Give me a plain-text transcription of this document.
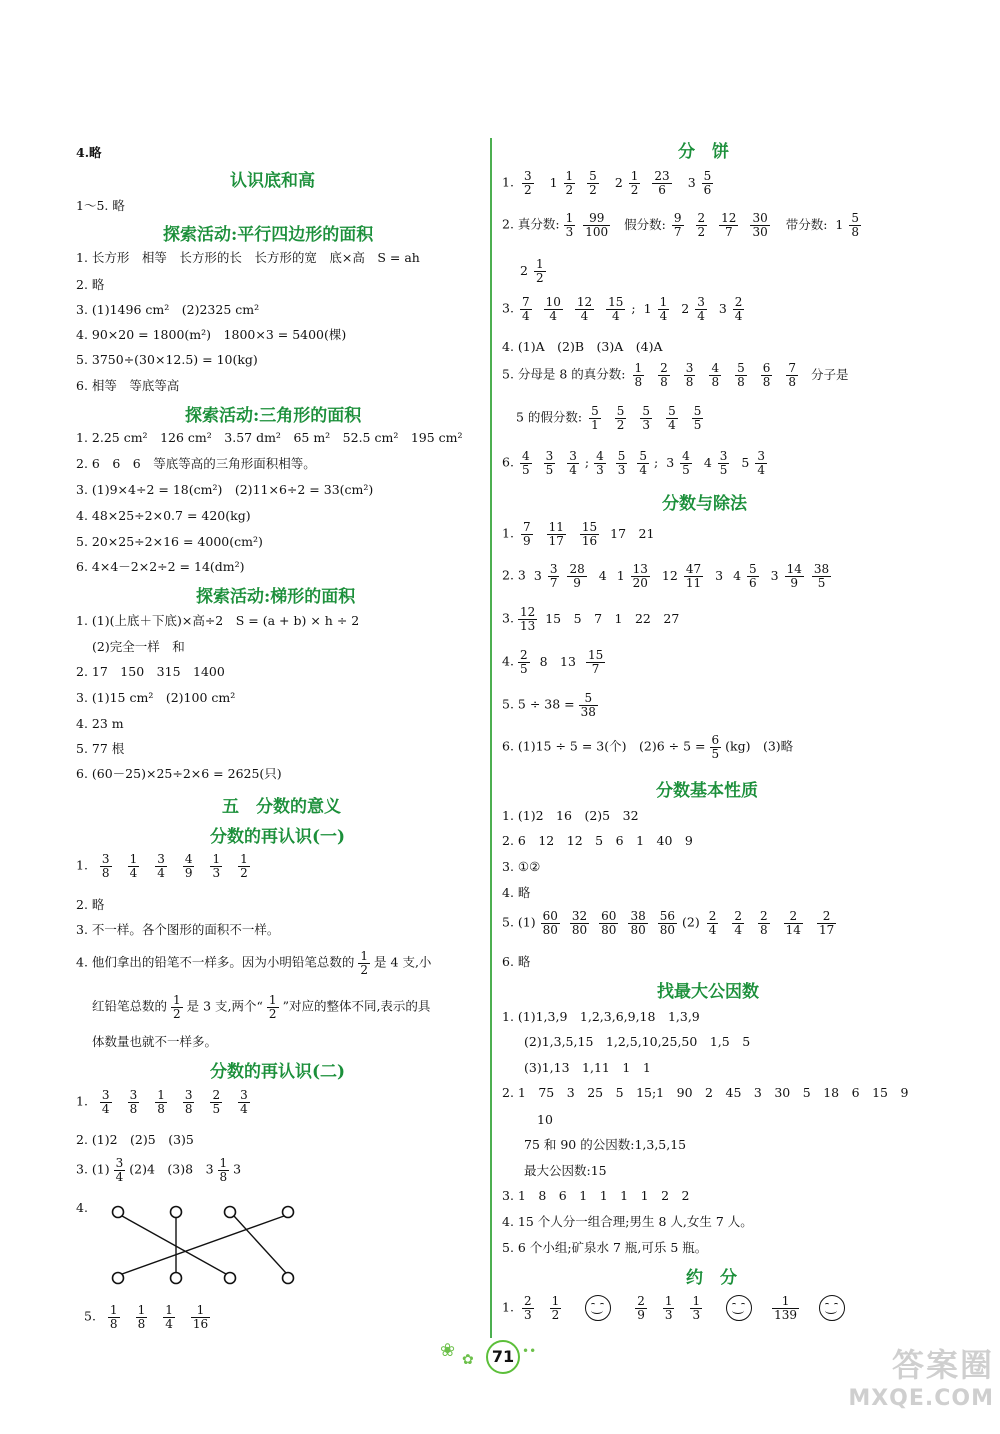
4.略
认识底和高
1～5. 略
探索活动:平行四边形的面积
1. 长方形　相等　长方形的长　长方形的宽　底×高　S = ah
2. 略
3. (1)1496 cm²　(2)2325 cm²
4. 90×20 = 1800(m²)　1800×3 = 5400(棵)
5. 3750÷(30×12.5) = 10(kg)
6. 相等　等底等高
探索活动:三角形的面积
1. 2.25 cm²　126 cm²　3.57 dm²　65 m²　52.5 cm²　195 cm²
2. 6　6　6　等底等高的三角形面积相等。
3. (1)9×4÷2 = 18(cm²)　(2)11×6÷2 = 33(cm²)
4. 48×25÷2×0.7 = 420(kg)
5. 20×25÷2×16 = 4000(cm²)
6. 4×4－2×2÷2 = 14(dm²)
探索活动:梯形的面积
1. (1)(上底＋下底)×高÷2　S = (a + b) × h ÷ 2
(2)完全一样　和
2. 17　150　315　1400
3. (1)15 cm²　(2)100 cm²
4. 23 m
5. 77 根
6. (60－25)×25÷2×6 = 2625(只)
五　分数的意义
分数的再认识(一)
1. $\frac{3}{8} \frac{1}{4} \frac{3}{4} \frac{4}{9} \frac{1}{3} \frac{1}{2}$
2. 略
3. 不一样。各个图形的面积不一样。
4. 他们拿出的铅笔不一样多。因为小明铅笔总数的 $\frac{1}{2}$ 是 4 支,小
红铅笔总数的 $\frac{1}{2}$ 是 3 支,两个“ $\frac{1}{2}$ ”对应的整体不同,表示的具
体数量也就不一样多。
分数的再认识(二)
1. $\frac{3}{4} \frac{3}{8} \frac{1}{8} \frac{3}{8} \frac{2}{5} \frac{3}{4}$
2. (1)2　(2)5　(3)5
3. $(1) \frac{3}{4} (2)4$　(3)8　$3 \frac{1}{8} 3$
4.
5. $\frac{1}{8} \frac{1}{8} \frac{1}{4} \frac{1}{16}$
分　饼
1. $\frac{3}{2} 1 \frac{1}{2} \frac{5}{2} 2 \frac{1}{2} \frac{23}{6} 3 \frac{5}{6}$
2. 真分数: $\frac{1}{3} \frac{99}{100}$ 假分数: $\frac{9}{7} \frac{2}{2} \frac{12}{7} \frac{30}{30}$ 带分数: $1 \frac{5}{8}$
$2 \frac{1}{2}$
3. $\frac{7}{4} \frac{10}{4} \frac{12}{4} \frac{15}{4}$ ; $1 \frac{1}{4} 2 \frac{3}{4} 3 \frac{2}{4}$
4. (1)A　(2)B　(3)A　(4)A
5. 分母是 8 的真分数: $\frac{1}{8} \frac{2}{8} \frac{3}{8} \frac{4}{8} \frac{5}{8} \frac{6}{8} \frac{7}{8}$ 分子是
5 的假分数: $\frac{5}{1} \frac{5}{2} \frac{5}{3} \frac{5}{4} \frac{5}{5}$
6. $\frac{4}{5} \frac{3}{5} \frac{3}{4}$ ; $\frac{4}{3} \frac{5}{3} \frac{5}{4}$ ; $3 \frac{4}{5} 4 \frac{3}{5} 5 \frac{3}{4}$
分数与除法
1. $\frac{7}{9} \frac{11}{17} \frac{15}{16} 17$　21
2. 3 $3 \frac{3}{7} \frac{28}{9} 4$ $1 \frac{13}{20} 12 \frac{47}{11} 3$ $4 \frac{5}{6} 3 \frac{14}{9} \frac{38}{5}$
3. $\frac{12}{13} 15$　5　7　1　22　27
4. $\frac{2}{5} 8$　$13 \frac{15}{7}$
5. $5 \div 38 = \frac{5}{38}$
6. (1)15 ÷ 5 = 3(个)　$(2)6 \div 5 = \frac{6}{5} (kg)$　(3)略
分数基本性质
1. (1)2　16　(2)5　32
2. 6　12　12　5　6　1　40　9
3. ①②
4. 略
5. $(1) \frac{60}{80} \frac{32}{80} \frac{60}{80} \frac{38}{80} \frac{56}{80} (2) \frac{2}{4} \frac{2}{4} \frac{2}{8} \frac{2}{14} \frac{2}{17}$
6. 略
找最大公因数
1. (1)1,3,9　1,2,3,6,9,18　1,3,9
(2)1,3,5,15　1,2,5,10,25,50　1,5　5
(3)1,13　1,11　1　1
2. 1　75　3　25　5　15;1　90　2　45　3　30　5　18　6　15　9
10
75 和 90 的公因数:1,3,5,15
最大公因数:15
3. 1　8　6　1　1　1　1　2　2
4. 15 个人分一组合理;男生 8 人,女生 7 人。
5. 6 个小组;矿泉水 7 瓶,可乐 5 瓶。
约　分
1. $\frac{2}{3} \frac{1}{2}$

	$\frac{2}{9} \frac{1}{3} \frac{1}{3}$

	$\frac{1}{139}$

❀ ✿	71 ••	答案圈
MXQE.COM
